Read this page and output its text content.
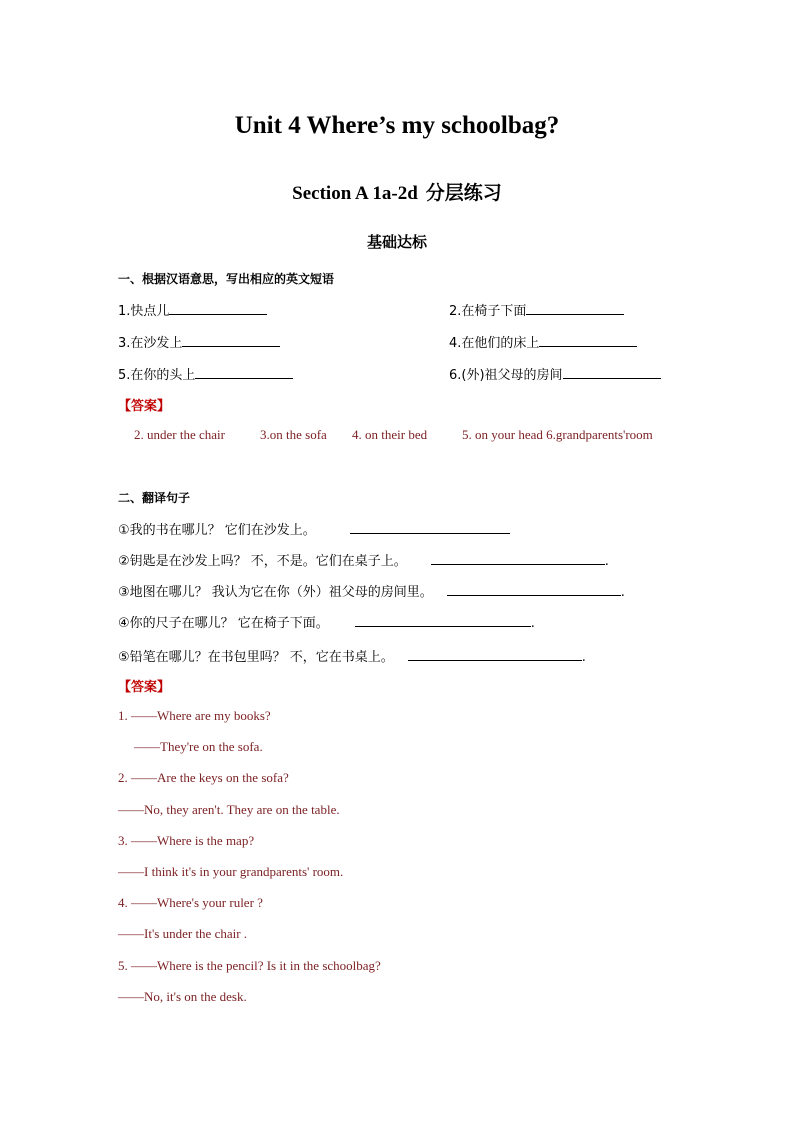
Unit 4 Where’s my schoolbag?
Section A 1a-2d 分层练习
基础达标
一、根据汉语意思，写出相应的英文短语
1.快点儿	2.在椅子下面
3.在沙发上	4.在他们的床上
5.在你的头上	6.(外)祖父母的房间
【答案】
2. under the chair	3.on the sofa 4. on their bed	5. on your head 6.grandparents'room
二、翻译句子
①我的书在哪儿？ 它们在沙发上。
②钥匙是在沙发上吗？ 不，不是。它们在桌子上。	.
③地图在哪儿？ 我认为它在你（外）祖父母的房间里。	.
④你的尺子在哪儿？ 它在椅子下面。	.
⑤铅笔在哪儿？在书包里吗？ 不，它在书桌上。	.
【答案】
1. ——Where are my books?
——They're on the sofa.
2. ——Are the keys on the sofa?
——No, they aren't. They are on the table.
3. ——Where is the map?
——I think it's in your grandparents' room.
4. ——Where's your ruler ?
——It's under the chair .
5. ——Where is the pencil? Is it in the schoolbag?
——No, it's on the desk.
